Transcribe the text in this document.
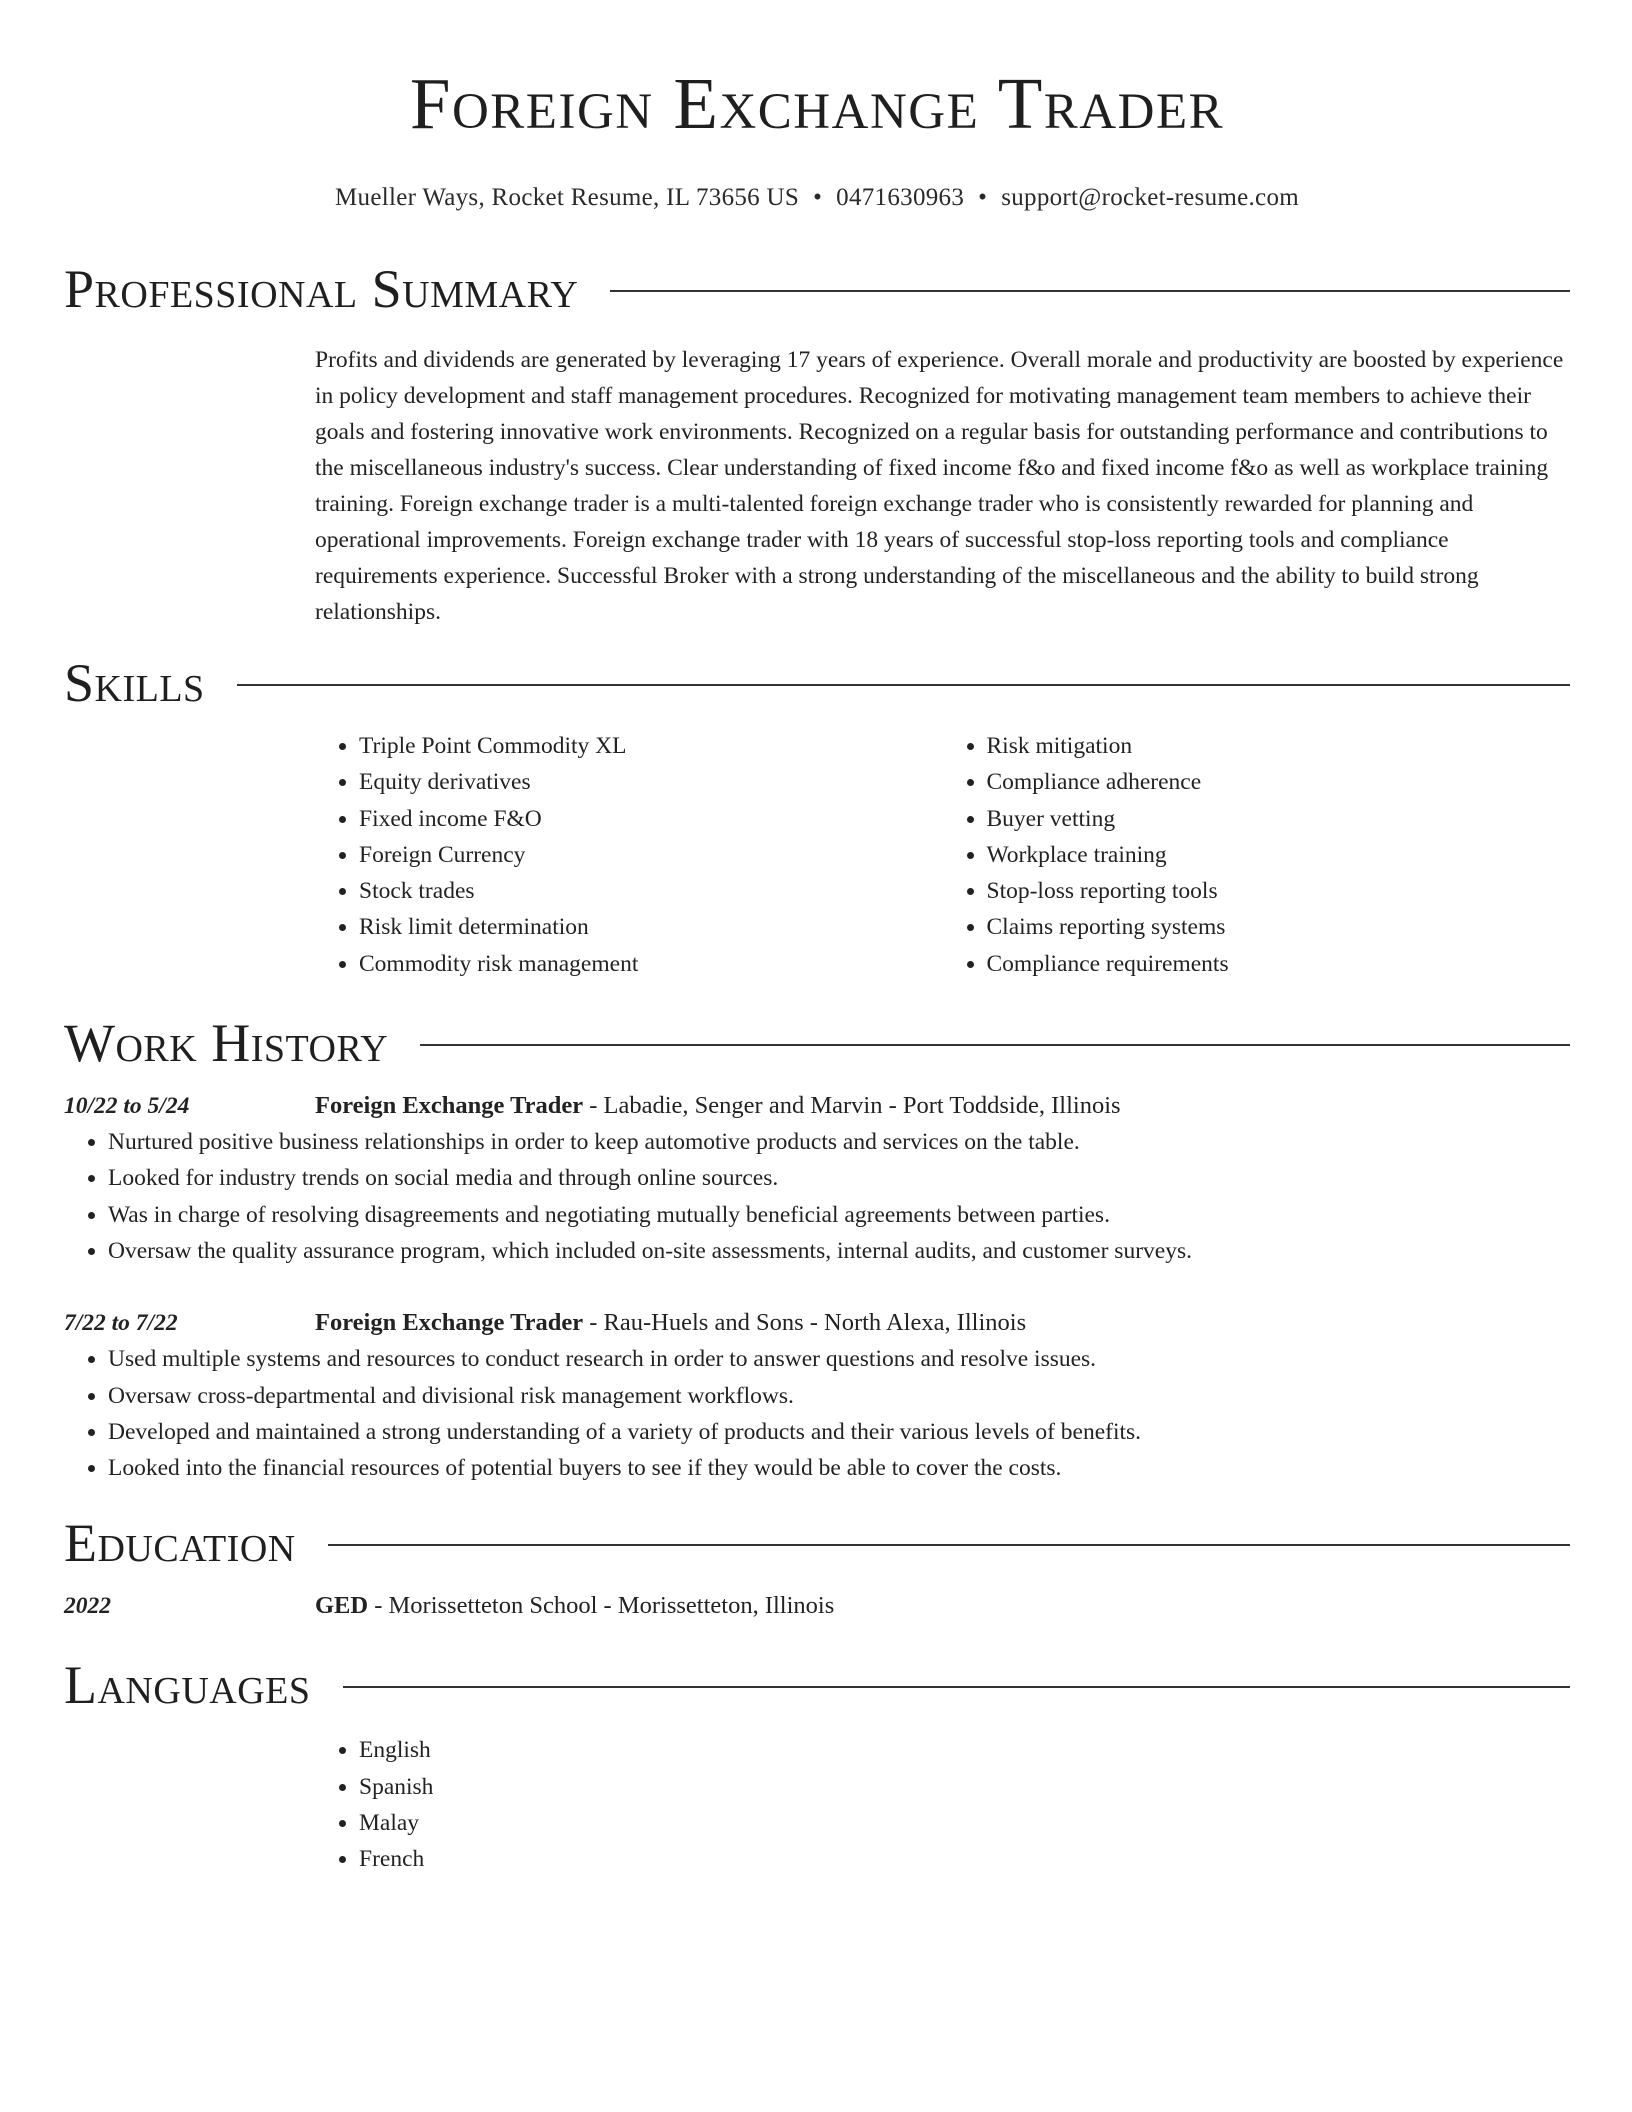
Foreign Exchange Trader
Mueller Ways, Rocket Resume, IL 73656 US • 0471630963 • support@rocket-resume.com
Professional Summary

Profits and dividends are generated by leveraging 17 years of experience. Overall morale and productivity are boosted by experience in policy development and staff management procedures. Recognized for motivating management team members to achieve their goals and fostering innovative work environments. Recognized on a regular basis for outstanding performance and contributions to the miscellaneous industry's success. Clear understanding of fixed income f&o and fixed income f&o as well as workplace training training. Foreign exchange trader is a multi-talented foreign exchange trader who is consistently rewarded for planning and operational improvements. Foreign exchange trader with 18 years of successful stop-loss reporting tools and compliance requirements experience. Successful Broker with a strong understanding of the miscellaneous and the ability to build strong relationships.

Skills
• Triple Point Commodity XL
• Equity derivatives
• Fixed income F&O
• Foreign Currency
• Stock trades
• Risk limit determination
• Commodity risk management
• Risk mitigation
• Compliance adherence
• Buyer vetting
• Workplace training
• Stop-loss reporting tools
• Claims reporting systems
• Compliance requirements
Work History
10/22 to 5/24	Foreign Exchange Trader - Labadie, Senger and Marvin - Port Toddside, Illinois
• Nurtured positive business relationships in order to keep automotive products and services on the table.
• Looked for industry trends on social media and through online sources.
• Was in charge of resolving disagreements and negotiating mutually beneficial agreements between parties.
• Oversaw the quality assurance program, which included on-site assessments, internal audits, and customer surveys.
7/22 to 7/22	Foreign Exchange Trader - Rau-Huels and Sons - North Alexa, Illinois
• Used multiple systems and resources to conduct research in order to answer questions and resolve issues.
• Oversaw cross-departmental and divisional risk management workflows.
• Developed and maintained a strong understanding of a variety of products and their various levels of benefits.
• Looked into the financial resources of potential buyers to see if they would be able to cover the costs.
Education
2022	GED - Morissetteton School - Morissetteton, Illinois
Languages
• English
• Spanish
• Malay
• French
